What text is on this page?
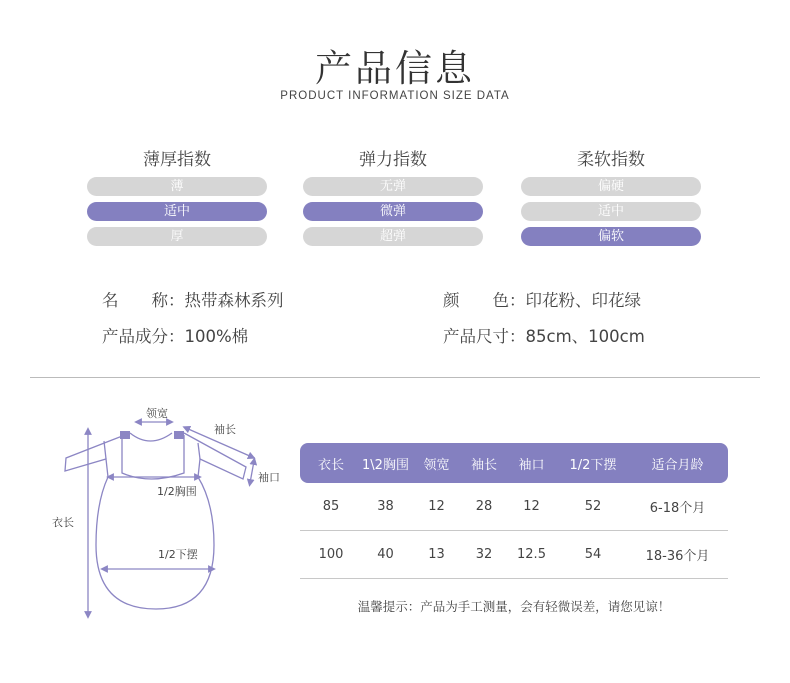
产品信息
PRODUCT INFORMATION SIZE DATA
薄厚指数
薄
适中
厚
弹力指数
无弹
微弹
超弹
柔软指数
偏硬
适中
偏软
名　　称：热带森林系列	颜　　色：印花粉、印花绿
产品成分：100%棉	产品尺寸：85cm、100cm
领宽
袖长
袖口
1/2胸围
1/2下摆
衣长
衣长	1\2胸围	领宽	袖长	袖口	1/2下摆	适合月龄
85	38	12	28	12	52	6-18个月
100	40	13	32	12.5	54	18-36个月
温馨提示：产品为手工测量，会有轻微误差，请您见谅！
